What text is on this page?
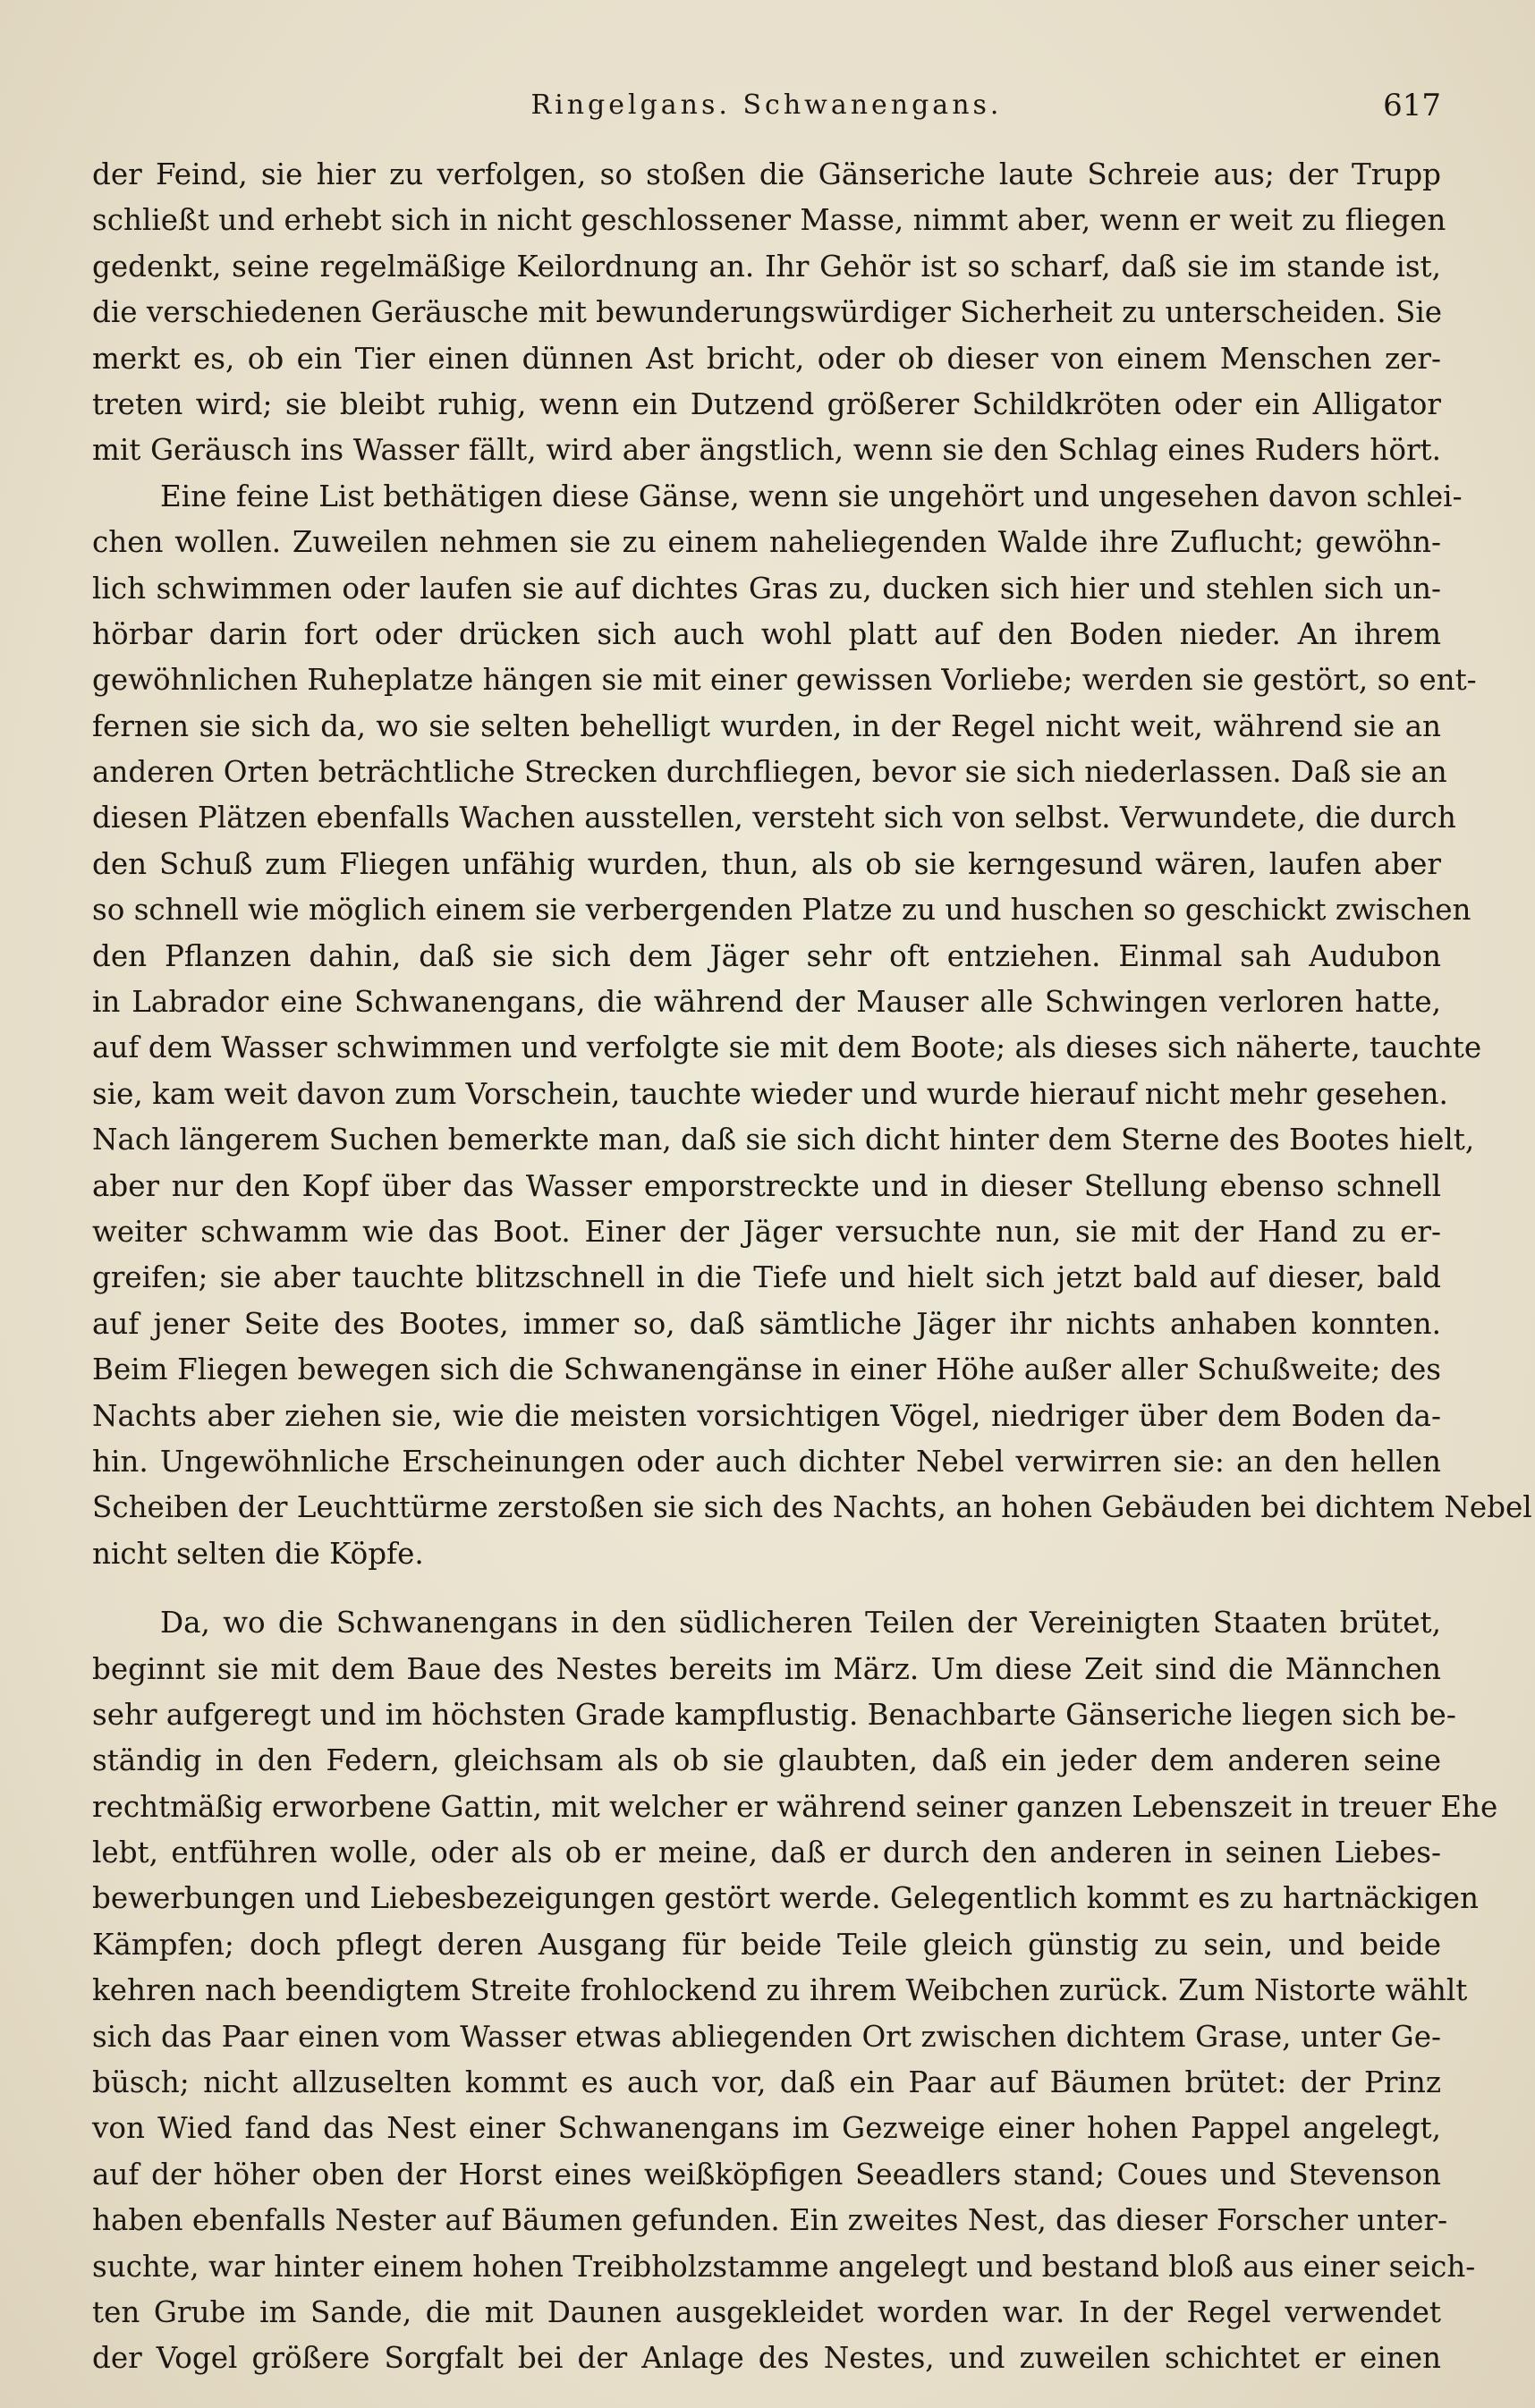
Ringelgans. Schwanengans.	617
der Feind, sie hier zu verfolgen, so stoßen die Gänseriche laute Schreie aus; der Trupp
schließt und erhebt sich in nicht geschlossener Masse, nimmt aber, wenn er weit zu fliegen
gedenkt, seine regelmäßige Keilordnung an. Ihr Gehör ist so scharf, daß sie im stande ist,
die verschiedenen Geräusche mit bewunderungswürdiger Sicherheit zu unterscheiden. Sie
merkt es, ob ein Tier einen dünnen Ast bricht, oder ob dieser von einem Menschen zer-
treten wird; sie bleibt ruhig, wenn ein Dutzend größerer Schildkröten oder ein Alligator
mit Geräusch ins Wasser fällt, wird aber ängstlich, wenn sie den Schlag eines Ruders hört.
Eine feine List bethätigen diese Gänse, wenn sie ungehört und ungesehen davon schlei-
chen wollen. Zuweilen nehmen sie zu einem naheliegenden Walde ihre Zuflucht; gewöhn-
lich schwimmen oder laufen sie auf dichtes Gras zu, ducken sich hier und stehlen sich un-
hörbar darin fort oder drücken sich auch wohl platt auf den Boden nieder. An ihrem
gewöhnlichen Ruheplatze hängen sie mit einer gewissen Vorliebe; werden sie gestört, so ent-
fernen sie sich da, wo sie selten behelligt wurden, in der Regel nicht weit, während sie an
anderen Orten beträchtliche Strecken durchfliegen, bevor sie sich niederlassen. Daß sie an
diesen Plätzen ebenfalls Wachen ausstellen, versteht sich von selbst. Verwundete, die durch
den Schuß zum Fliegen unfähig wurden, thun, als ob sie kerngesund wären, laufen aber
so schnell wie möglich einem sie verbergenden Platze zu und huschen so geschickt zwischen
den Pflanzen dahin, daß sie sich dem Jäger sehr oft entziehen. Einmal sah Audubon
in Labrador eine Schwanengans, die während der Mauser alle Schwingen verloren hatte,
auf dem Wasser schwimmen und verfolgte sie mit dem Boote; als dieses sich näherte, tauchte
sie, kam weit davon zum Vorschein, tauchte wieder und wurde hierauf nicht mehr gesehen.
Nach längerem Suchen bemerkte man, daß sie sich dicht hinter dem Sterne des Bootes hielt,
aber nur den Kopf über das Wasser emporstreckte und in dieser Stellung ebenso schnell
weiter schwamm wie das Boot. Einer der Jäger versuchte nun, sie mit der Hand zu er-
greifen; sie aber tauchte blitzschnell in die Tiefe und hielt sich jetzt bald auf dieser, bald
auf jener Seite des Bootes, immer so, daß sämtliche Jäger ihr nichts anhaben konnten.
Beim Fliegen bewegen sich die Schwanengänse in einer Höhe außer aller Schußweite; des
Nachts aber ziehen sie, wie die meisten vorsichtigen Vögel, niedriger über dem Boden da-
hin. Ungewöhnliche Erscheinungen oder auch dichter Nebel verwirren sie: an den hellen
Scheiben der Leuchttürme zerstoßen sie sich des Nachts, an hohen Gebäuden bei dichtem Nebel
nicht selten die Köpfe.
Da, wo die Schwanengans in den südlicheren Teilen der Vereinigten Staaten brütet,
beginnt sie mit dem Baue des Nestes bereits im März. Um diese Zeit sind die Männchen
sehr aufgeregt und im höchsten Grade kampflustig. Benachbarte Gänseriche liegen sich be-
ständig in den Federn, gleichsam als ob sie glaubten, daß ein jeder dem anderen seine
rechtmäßig erworbene Gattin, mit welcher er während seiner ganzen Lebenszeit in treuer Ehe
lebt, entführen wolle, oder als ob er meine, daß er durch den anderen in seinen Liebes-
bewerbungen und Liebesbezeigungen gestört werde. Gelegentlich kommt es zu hartnäckigen
Kämpfen; doch pflegt deren Ausgang für beide Teile gleich günstig zu sein, und beide
kehren nach beendigtem Streite frohlockend zu ihrem Weibchen zurück. Zum Nistorte wählt
sich das Paar einen vom Wasser etwas abliegenden Ort zwischen dichtem Grase, unter Ge-
büsch; nicht allzuselten kommt es auch vor, daß ein Paar auf Bäumen brütet: der Prinz
von Wied fand das Nest einer Schwanengans im Gezweige einer hohen Pappel angelegt,
auf der höher oben der Horst eines weißköpfigen Seeadlers stand; Coues und Stevenson
haben ebenfalls Nester auf Bäumen gefunden. Ein zweites Nest, das dieser Forscher unter-
suchte, war hinter einem hohen Treibholzstamme angelegt und bestand bloß aus einer seich-
ten Grube im Sande, die mit Daunen ausgekleidet worden war. In der Regel verwendet
der Vogel größere Sorgfalt bei der Anlage des Nestes, und zuweilen schichtet er einen
